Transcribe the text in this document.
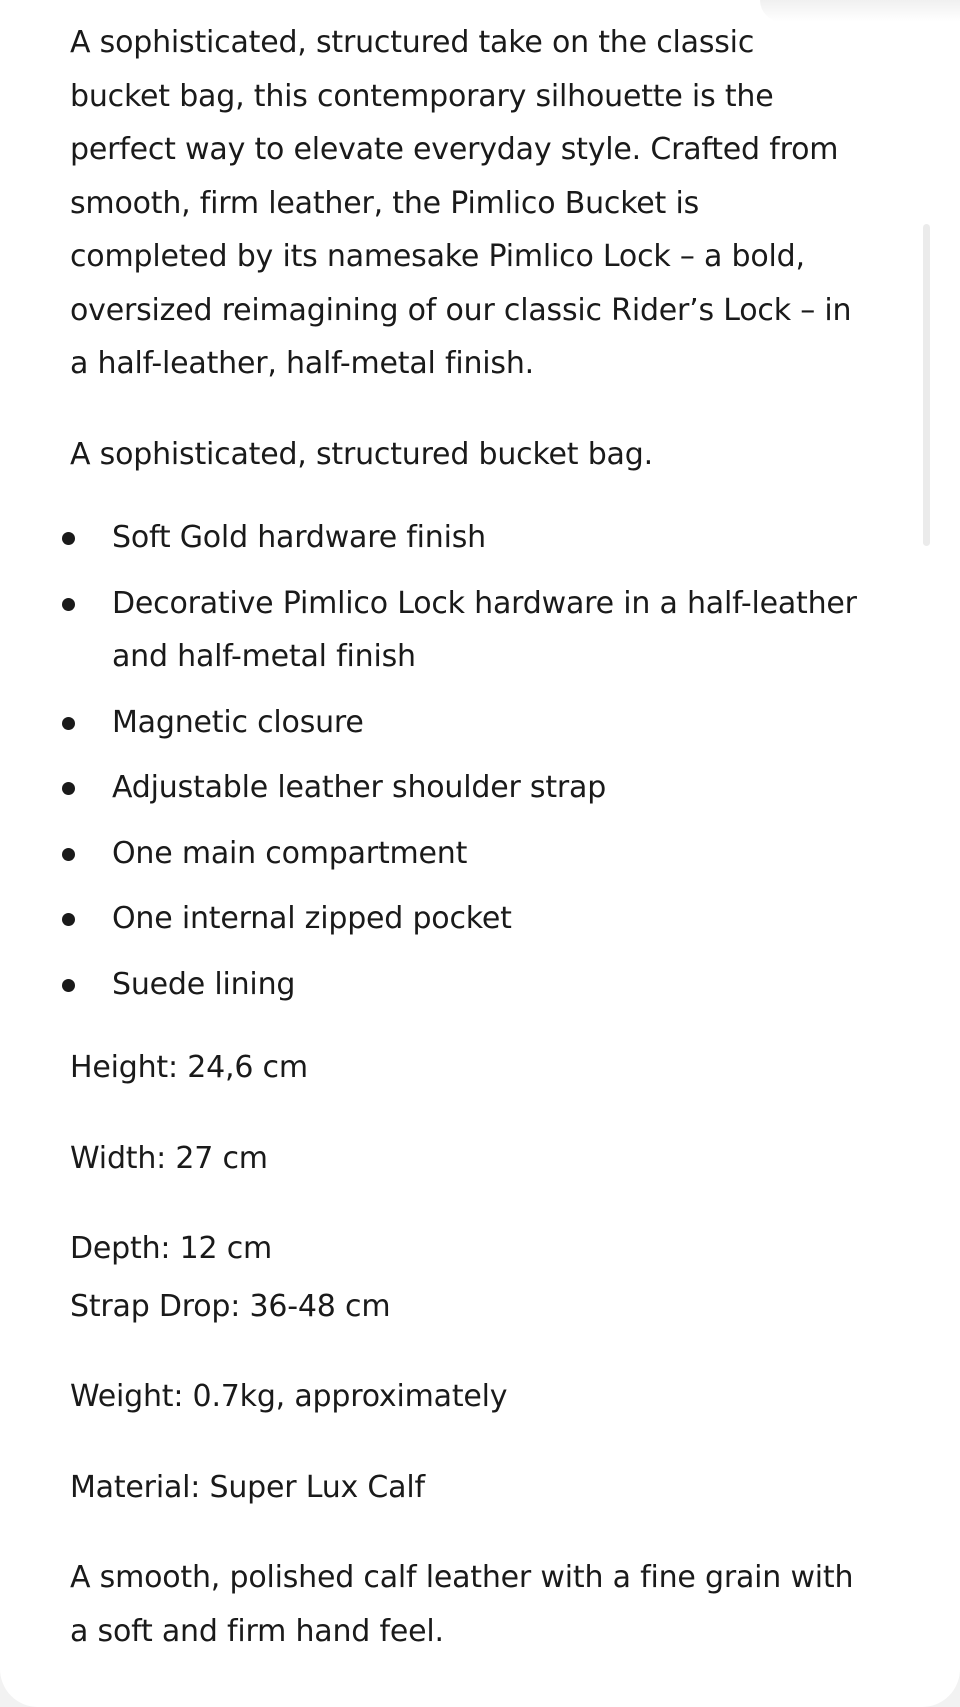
A sophisticated, structured take on the classic bucket bag, this contemporary silhouette is the perfect way to elevate everyday style. Crafted from smooth, firm leather, the Pimlico Bucket is completed by its namesake Pimlico Lock – a bold, oversized reimagining of our classic Rider’s Lock – in a half-leather, half-metal finish.

A sophisticated, structured bucket bag.

Soft Gold hardware finish
Decorative Pimlico Lock hardware in a half-leather and half-metal finish
Magnetic closure
Adjustable leather shoulder strap
One main compartment
One internal zipped pocket
Suede lining

Height: 24,6 cm

Width: 27 cm

Depth: 12 cm

Strap Drop: 36-48 cm

Weight: 0.7kg, approximately

Material: Super Lux Calf

A smooth, polished calf leather with a fine grain with a soft and firm hand feel.
